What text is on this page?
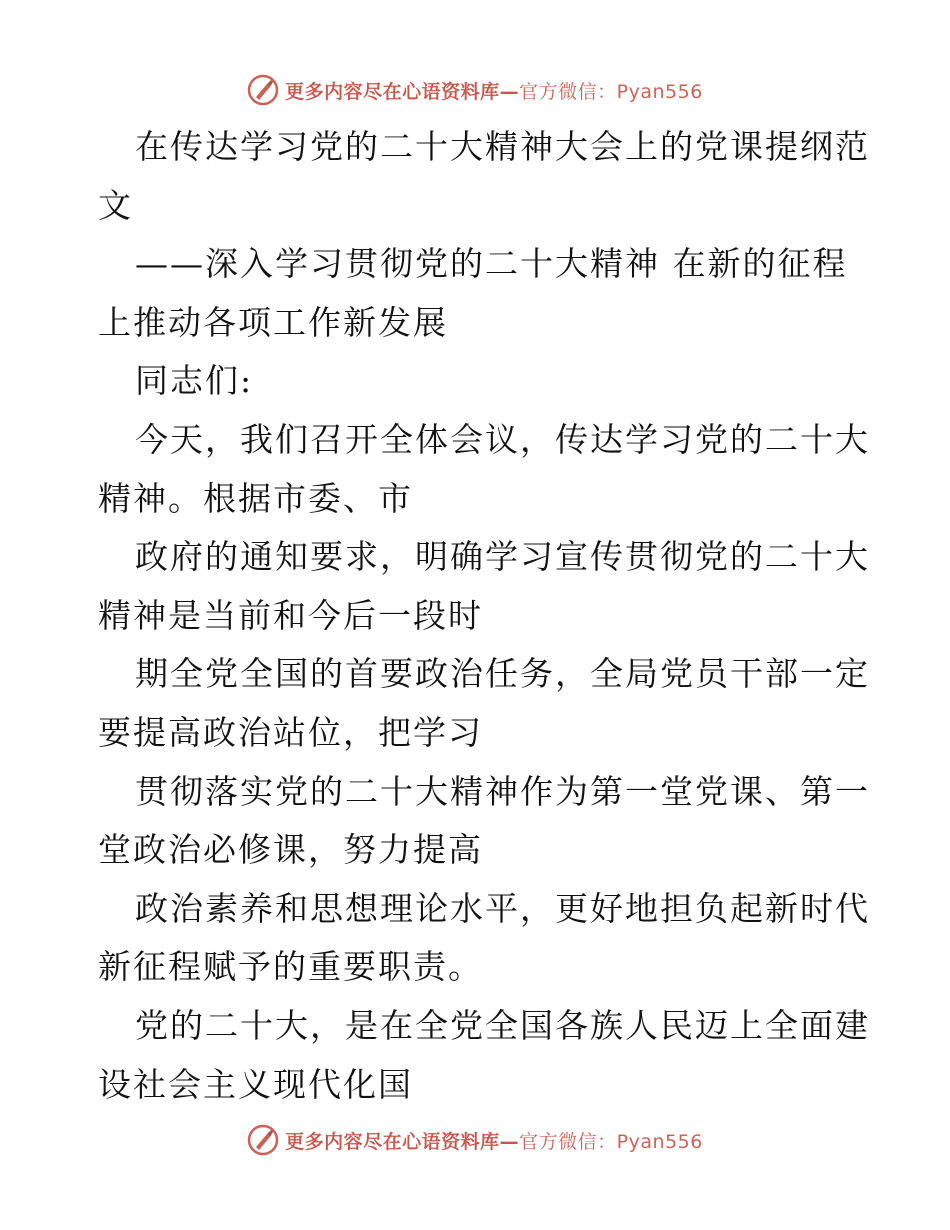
更多内容尽在心语资料库—官方微信：Pyan556
在传达学习党的二十大精神大会上的党课提纲范
文
——深入学习贯彻党的二十大精神 在新的征程
上推动各项工作新发展
同志们:
今天，我们召开全体会议，传达学习党的二十大
精神。根据市委、市
政府的通知要求，明确学习宣传贯彻党的二十大
精神是当前和今后一段时
期全党全国的首要政治任务，全局党员干部一定
要提高政治站位，把学习
贯彻落实党的二十大精神作为第一堂党课、第一
堂政治必修课，努力提高
政治素养和思想理论水平，更好地担负起新时代
新征程赋予的重要职责。
党的二十大，是在全党全国各族人民迈上全面建
设社会主义现代化国
更多内容尽在心语资料库—官方微信：Pyan556
